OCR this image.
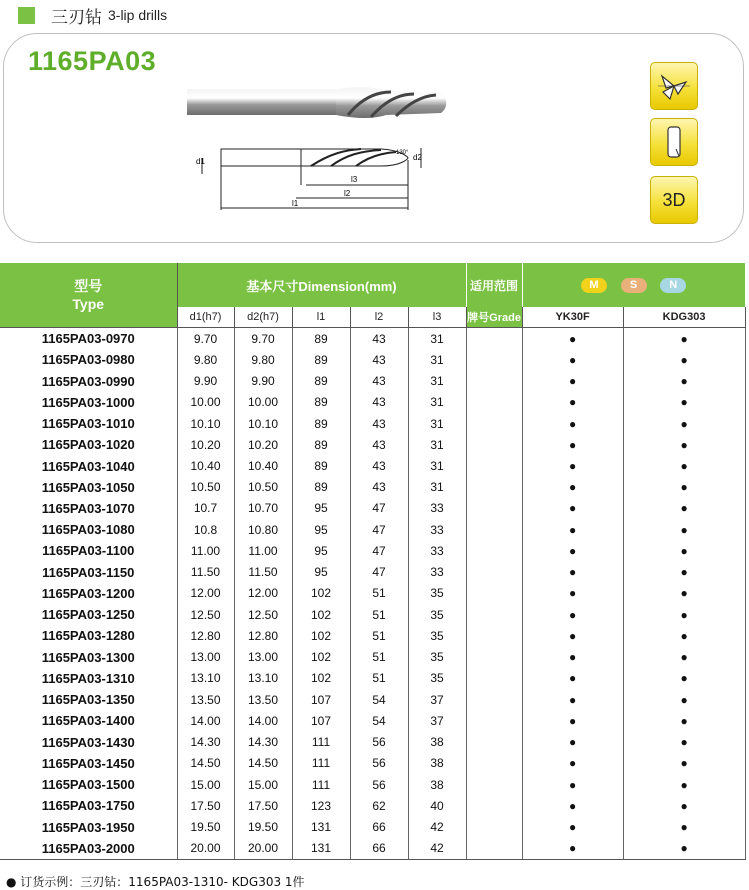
三刃钻 3-lip drills
1165PA03
d1	d2
130°
l3
l2
l1	3D
型号
Type	基本尺寸Dimension(mm)					适用范围	M S N	
	d1(h7)	d2(h7)	l1	l2	l3	牌号Grade	YK30F	KDG303
1165PA03-0970	9.70	9.70	89	43	31		●	●
1165PA03-0980	9.80	9.80	89	43	31		●	●
1165PA03-0990	9.90	9.90	89	43	31		●	●
1165PA03-1000	10.00	10.00	89	43	31		●	●
1165PA03-1010	10.10	10.10	89	43	31		●	●
1165PA03-1020	10.20	10.20	89	43	31		●	●
1165PA03-1040	10.40	10.40	89	43	31		●	●
1165PA03-1050	10.50	10.50	89	43	31		●	●
1165PA03-1070	10.7	10.70	95	47	33		●	●
1165PA03-1080	10.8	10.80	95	47	33		●	●
1165PA03-1100	11.00	11.00	95	47	33		●	●
1165PA03-1150	11.50	11.50	95	47	33		●	●
1165PA03-1200	12.00	12.00	102	51	35		●	●
1165PA03-1250	12.50	12.50	102	51	35		●	●
1165PA03-1280	12.80	12.80	102	51	35		●	●
1165PA03-1300	13.00	13.00	102	51	35		●	●
1165PA03-1310	13.10	13.10	102	51	35		●	●
1165PA03-1350	13.50	13.50	107	54	37		●	●
1165PA03-1400	14.00	14.00	107	54	37		●	●
1165PA03-1430	14.30	14.30	111	56	38		●	●
1165PA03-1450	14.50	14.50	111	56	38		●	●
1165PA03-1500	15.00	15.00	111	56	38		●	●
1165PA03-1750	17.50	17.50	123	62	40		●	●
1165PA03-1950	19.50	19.50	131	66	42		●	●
1165PA03-2000	20.00	20.00	131	66	42		●	●
● 订货示例：三刃钻：1165PA03-1310- KDG303 1件
